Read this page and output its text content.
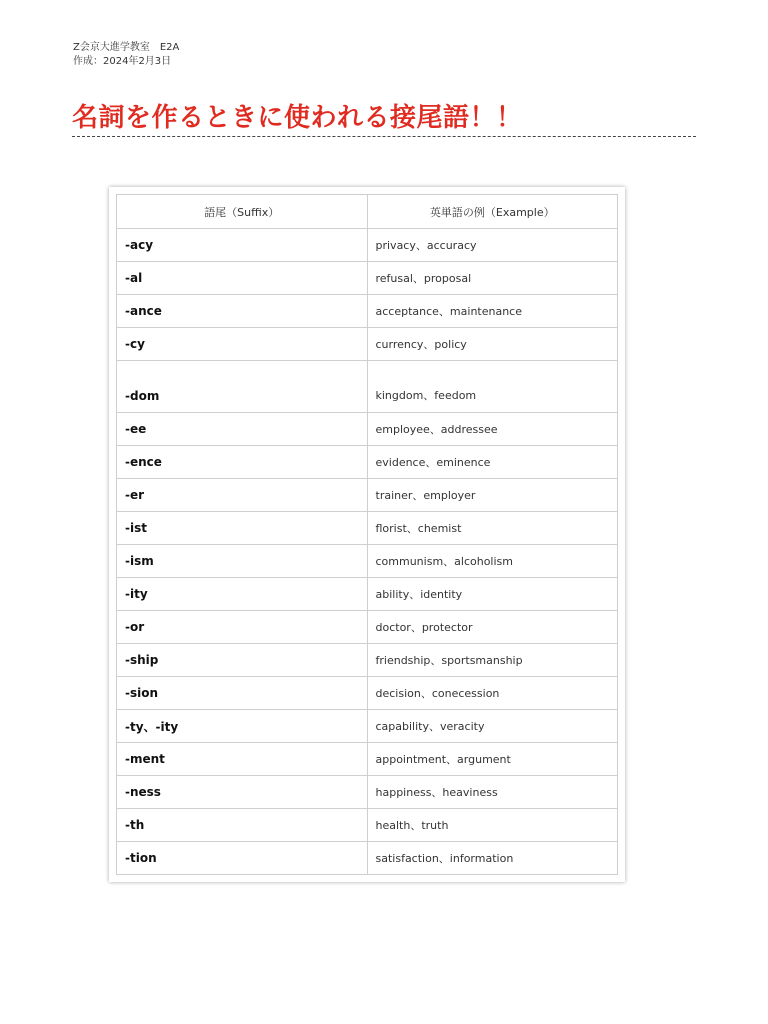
Z会京大進学教室　E2A
作成：2024年2月3日
名詞を作るときに使われる接尾語！！
語尾（Suffix）	英単語の例（Example）
-acy	privacy、accuracy
-al	refusal、proposal
-ance	acceptance、maintenance
-cy	currency、policy
-dom	kingdom、feedom
-ee	employee、addressee
-ence	evidence、eminence
-er	trainer、employer
-ist	florist、chemist
-ism	communism、alcoholism
-ity	ability、identity
-or	doctor、protector
-ship	friendship、sportsmanship
-sion	decision、conecession
-ty、-ity	capability、veracity
-ment	appointment、argument
-ness	happiness、heaviness
-th	health、truth
-tion	satisfaction、information
